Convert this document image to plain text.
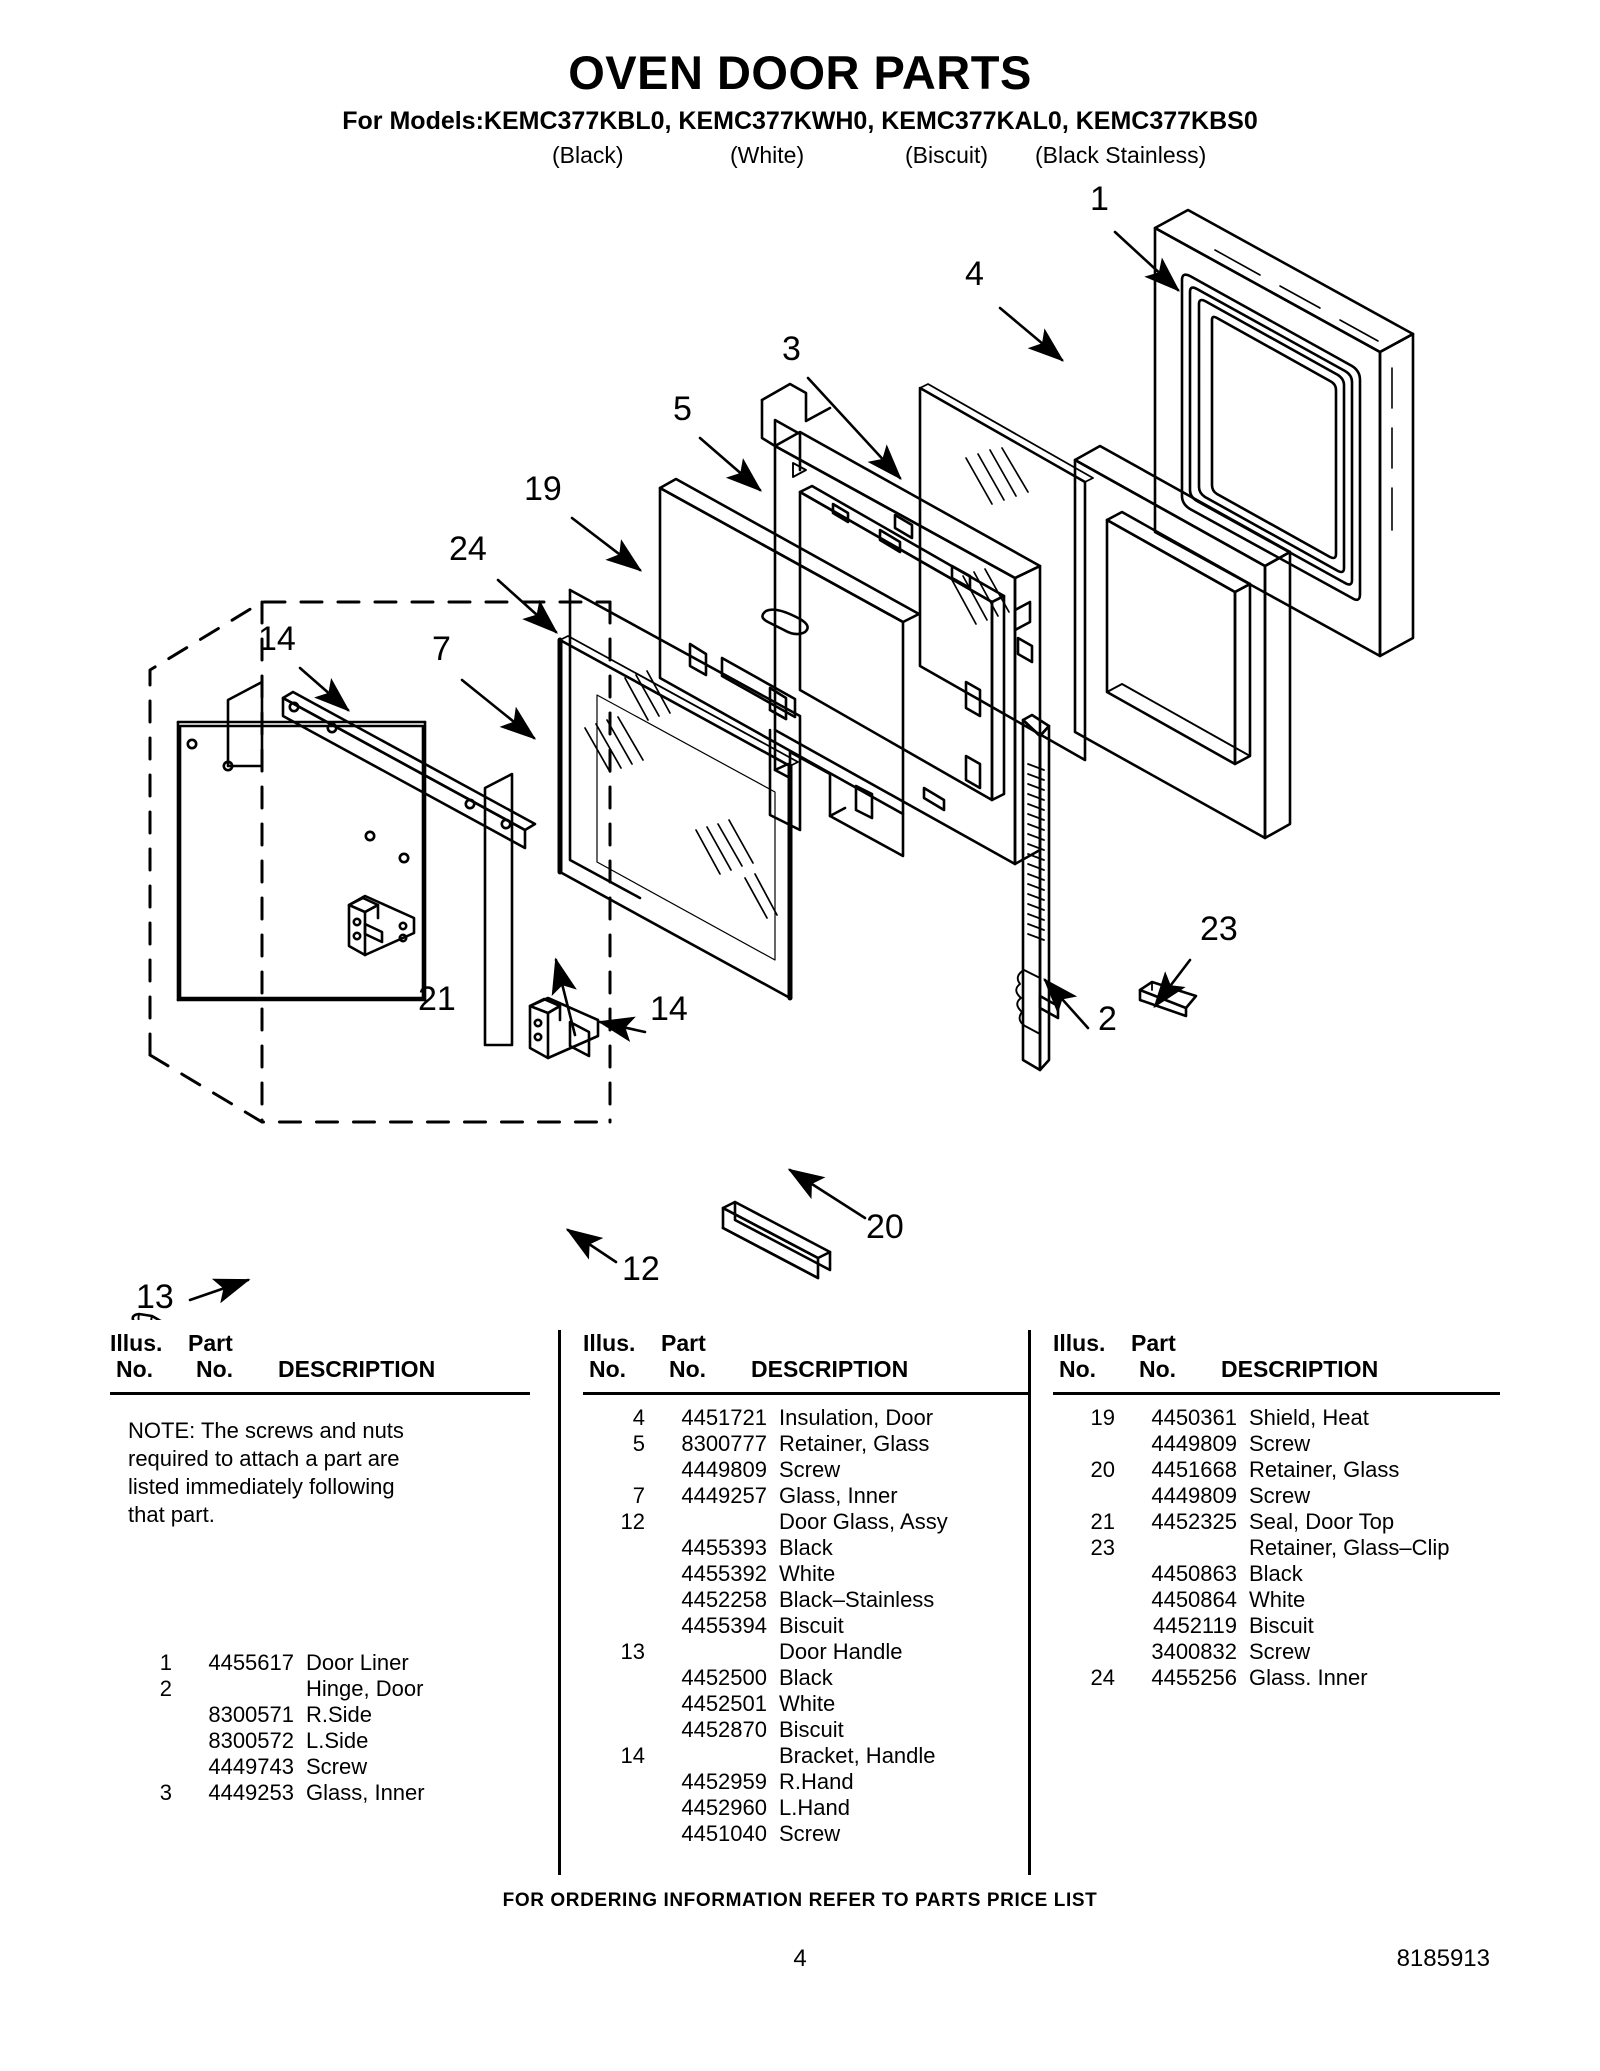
OVEN DOOR PARTS
For Models:KEMC377KBL0, KEMC377KWH0, KEMC377KAL0, KEMC377KBS0
(Black)	(White)	(Biscuit) (Black Stainless)
1
4
3
5
19
24
14	7
21	14	2
23
20
12
13
Illus.
No.
Part
No. DESCRIPTION
NOTE: The screws and nuts required to attach a part are listed immediately following that part.
1	4455617 Door Liner
2	Hinge, Door
8300571 R.Side
8300572 L.Side
4449743 Screw
3	4449253 Glass, Inner
Illus.
No.
Part
No. DESCRIPTION
4	4451721 Insulation, Door
5	8300777 Retainer, Glass
4449809 Screw
7	4449257 Glass, Inner
12	Door Glass, Assy
4455393 Black
4455392 White
4452258 Black–Stainless
4455394 Biscuit
13	Door Handle
4452500 Black
4452501 White
4452870 Biscuit
14	Bracket, Handle
4452959 R.Hand
4452960 L.Hand
4451040 Screw
Illus.
No.
Part
No. DESCRIPTION
19	4450361 Shield, Heat
4449809 Screw
20	4451668 Retainer, Glass
4449809 Screw
21	4452325 Seal, Door Top
23	Retainer, Glass–Clip
4450863 Black
4450864 White
4452119 Biscuit
3400832 Screw
24	4455256 Glass. Inner
FOR ORDERING INFORMATION REFER TO PARTS PRICE LIST
4	8185913
